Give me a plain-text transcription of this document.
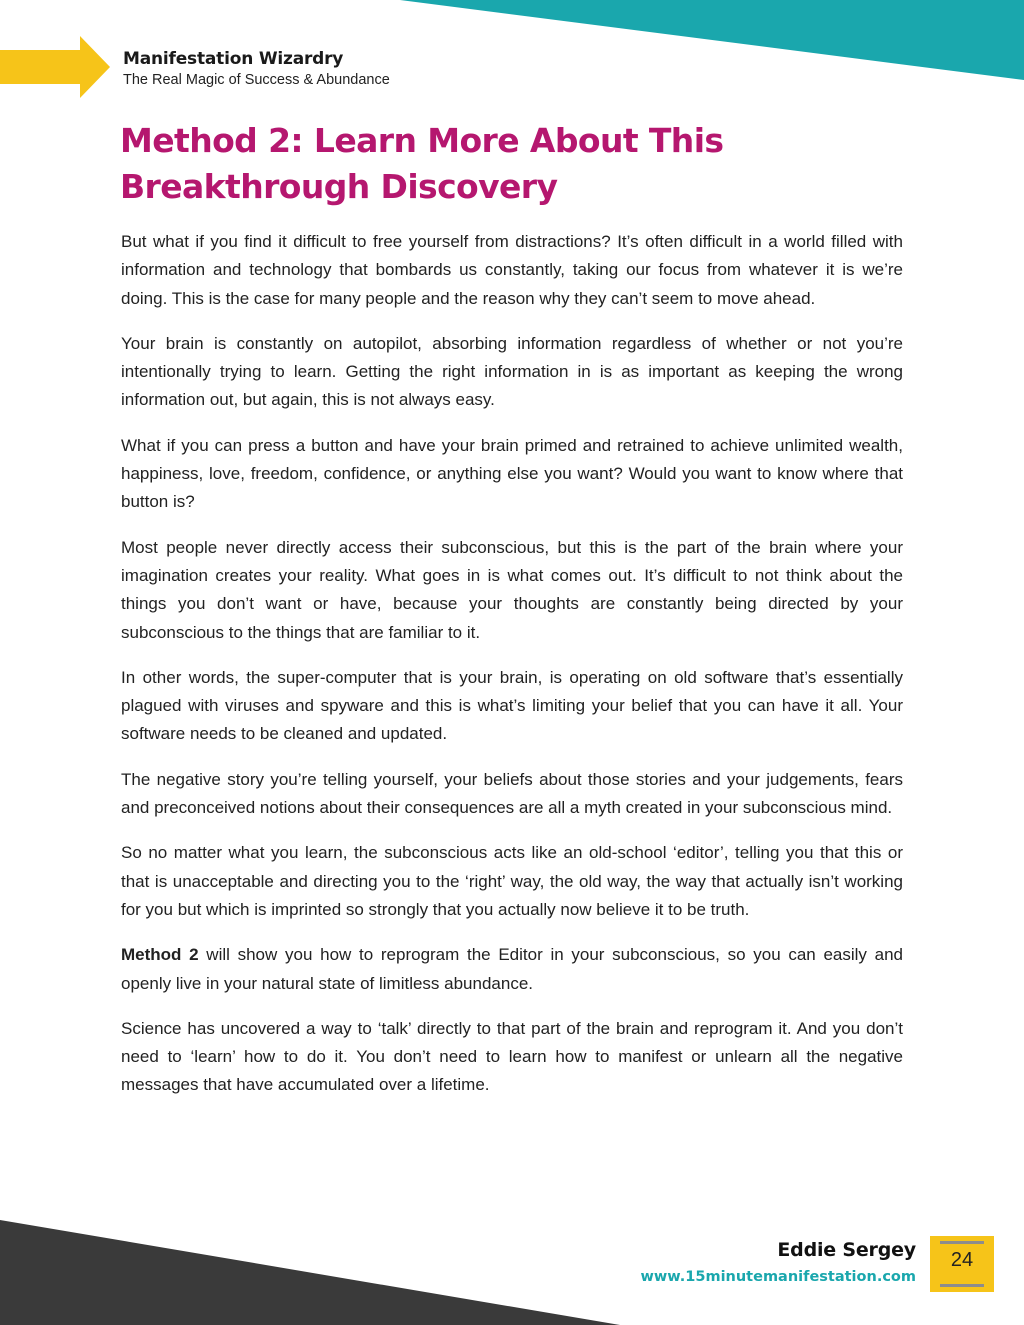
Manifestation Wizardry
The Real Magic of Success & Abundance
Method 2: Learn More About This
Breakthrough Discovery

But what if you find it difficult to free yourself from distractions? It’s often difficult in a world filled with information and technology that bombards us constantly, taking our focus from whatever it is we’re doing. This is the case for many people and the reason why they can’t seem to move ahead.

Your brain is constantly on autopilot, absorbing information regardless of whether or not you’re intentionally trying to learn. Getting the right information in is as important as keeping the wrong information out, but again, this is not always easy.

What if you can press a button and have your brain primed and retrained to achieve unlimited wealth, happiness, love, freedom, confidence, or anything else you want? Would you want to know where that button is?

Most people never directly access their subconscious, but this is the part of the brain where your imagination creates your reality. What goes in is what comes out. It’s difficult to not think about the things you don’t want or have, because your thoughts are constantly being directed by your subconscious to the things that are familiar to it.

In other words, the super-computer that is your brain, is operating on old software that’s essentially plagued with viruses and spyware and this is what’s limiting your belief that you can have it all. Your software needs to be cleaned and updated.

The negative story you’re telling yourself, your beliefs about those stories and your judgements, fears and preconceived notions about their consequences are all a myth created in your subconscious mind.

So no matter what you learn, the subconscious acts like an old-school ‘editor’, telling you that this or that is unacceptable and directing you to the ‘right’ way, the old way, the way that actually isn’t working for you but which is imprinted so strongly that you actually now believe it to be truth.

Method 2 will show you how to reprogram the Editor in your subconscious, so you can easily and openly live in your natural state of limitless abundance.

Science has uncovered a way to ‘talk’ directly to that part of the brain and reprogram it. And you don’t need to ‘learn’ how to do it. You don’t need to learn how to manifest or unlearn all the negative messages that have accumulated over a lifetime.

Eddie Sergey
www.15minutemanifestation.com
24
